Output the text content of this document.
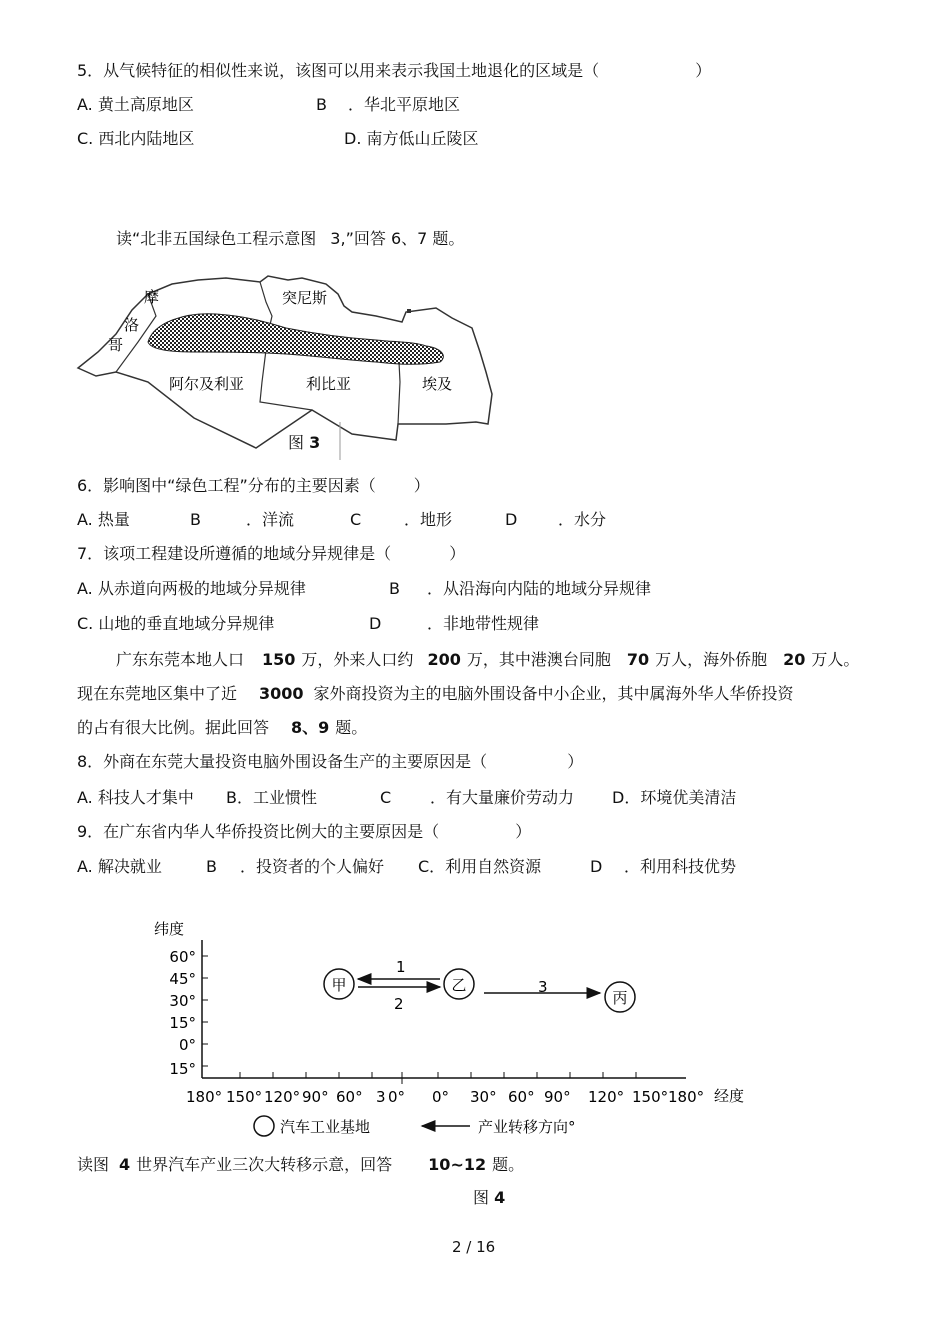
5．从气候特征的相似性来说，该图可以用来表示我国土地退化的区域是（	）
A. 黄土高原地区	B ．华北平原地区
C. 西北内陆地区	D. 南方低山丘陵区
读“北非五国绿色工程示意图 3,”回答 6、7 题。
摩
洛
哥
阿尔及利亚
突尼斯
利比亚	埃及
图 3
6．影响图中“绿色工程”分布的主要因素（ ）
A. 热量	B	．洋流	C	．地形	D	．水分
7．该项工程建设所遵循的地域分异规律是（	）
A. 从赤道向两极的地域分异规律	B ．从沿海向内陆的地域分异规律
C. 山地的垂直地域分异规律	D	．非地带性规律
广东东莞本地人口 150 万，外来人口约 200 万，其中港澳台同胞 70 万人，海外侨胞 20 万人。
现在东莞地区集中了近 3000 家外商投资为主的电脑外围设备中小企业，其中属海外华人华侨投资
的占有很大比例。据此回答 8、9 题。
8．外商在东莞大量投资电脑外围设备生产的主要原因是（	）
A. 科技人才集中 B．工业惯性	C ．有大量廉价劳动力 D．环境优美清洁
9．在广东省内华人华侨投资比例大的主要原因是（	）
A. 解决就业	B ．投资者的个人偏好 C．利用自然资源	D ．利用科技优势
纬度
60°
45°
30°
15°
0°
15°
180° 150° 120° 90° 60° 3 0° 0° 30° 60° 90° 120° 150° 180° 经度
甲	乙
丙
1
2
3
汽车工业基地	产业转移方向°
读图 4 世界汽车产业三次大转移示意，回答 10~12 题。
图 4
2 / 16
